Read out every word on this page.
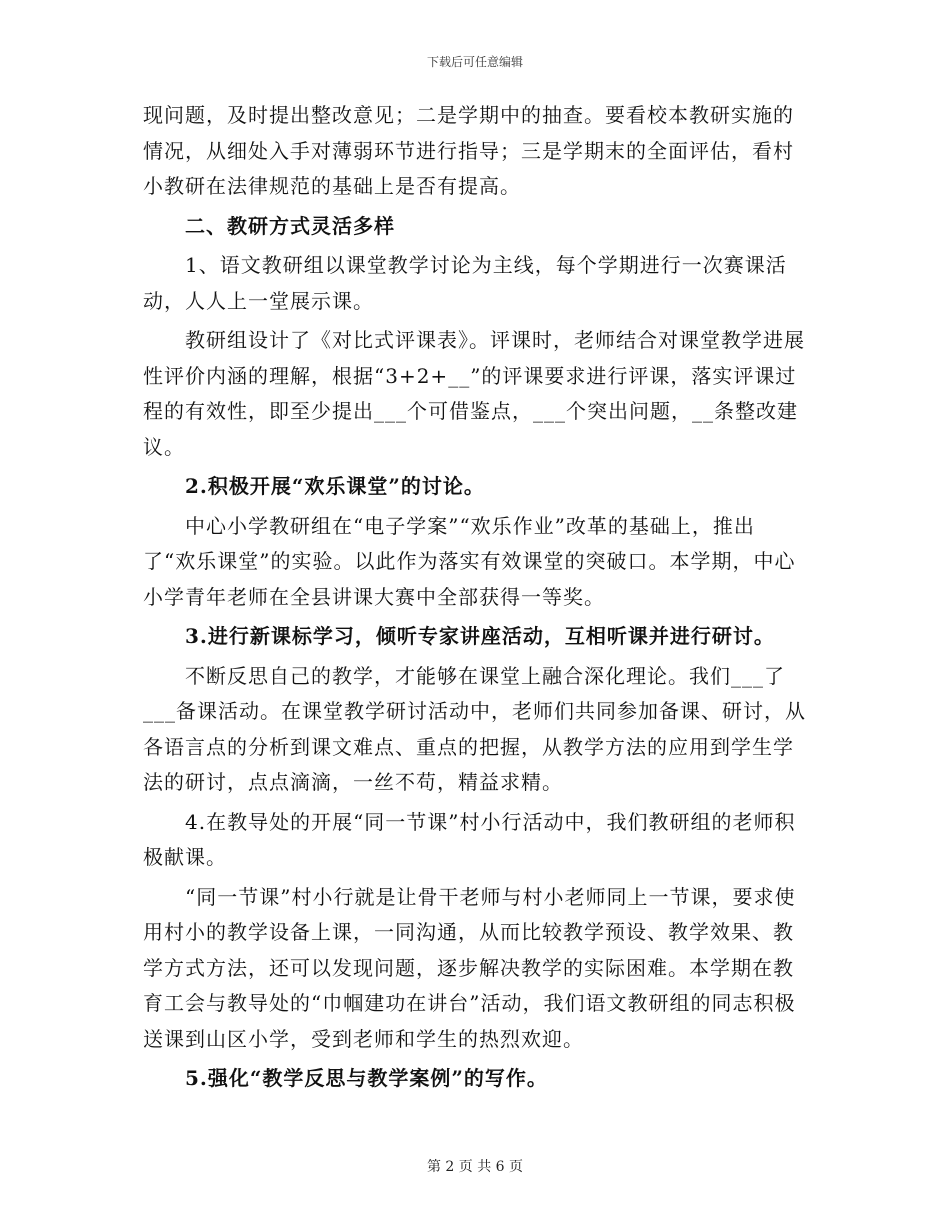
下载后可任意编辑

现问题，及时提出整改意见；二是学期中的抽查。要看校本教研实施的情况，从细处入手对薄弱环节进行指导；三是学期末的全面评估，看村小教研在法律规范的基础上是否有提高。

二、教研方式灵活多样

1、语文教研组以课堂教学讨论为主线，每个学期进行一次赛课活动，人人上一堂展示课。

教研组设计了《对比式评课表》。评课时，老师结合对课堂教学进展性评价内涵的理解，根据“3+2+__”的评课要求进行评课，落实评课过程的有效性，即至少提出___个可借鉴点，___个突出问题，__条整改建议。

2.积极开展“欢乐课堂”的讨论。

中心小学教研组在“电子学案”“欢乐作业”改革的基础上，推出了“欢乐课堂”的实验。以此作为落实有效课堂的突破口。本学期，中心小学青年老师在全县讲课大赛中全部获得一等奖。

3.进行新课标学习，倾听专家讲座活动，互相听课并进行研讨。

不断反思自己的教学，才能够在课堂上融合深化理论。我们___了___备课活动。在课堂教学研讨活动中，老师们共同参加备课、研讨，从各语言点的分析到课文难点、重点的把握，从教学方法的应用到学生学法的研讨，点点滴滴，一丝不苟，精益求精。

4.在教导处的开展“同一节课”村小行活动中，我们教研组的老师积极献课。

“同一节课”村小行就是让骨干老师与村小老师同上一节课，要求使用村小的教学设备上课，一同沟通，从而比较教学预设、教学效果、教学方式方法，还可以发现问题，逐步解决教学的实际困难。本学期在教育工会与教导处的“巾帼建功在讲台”活动，我们语文教研组的同志积极送课到山区小学，受到老师和学生的热烈欢迎。

5.强化“教学反思与教学案例”的写作。

第 2 页 共 6 页
